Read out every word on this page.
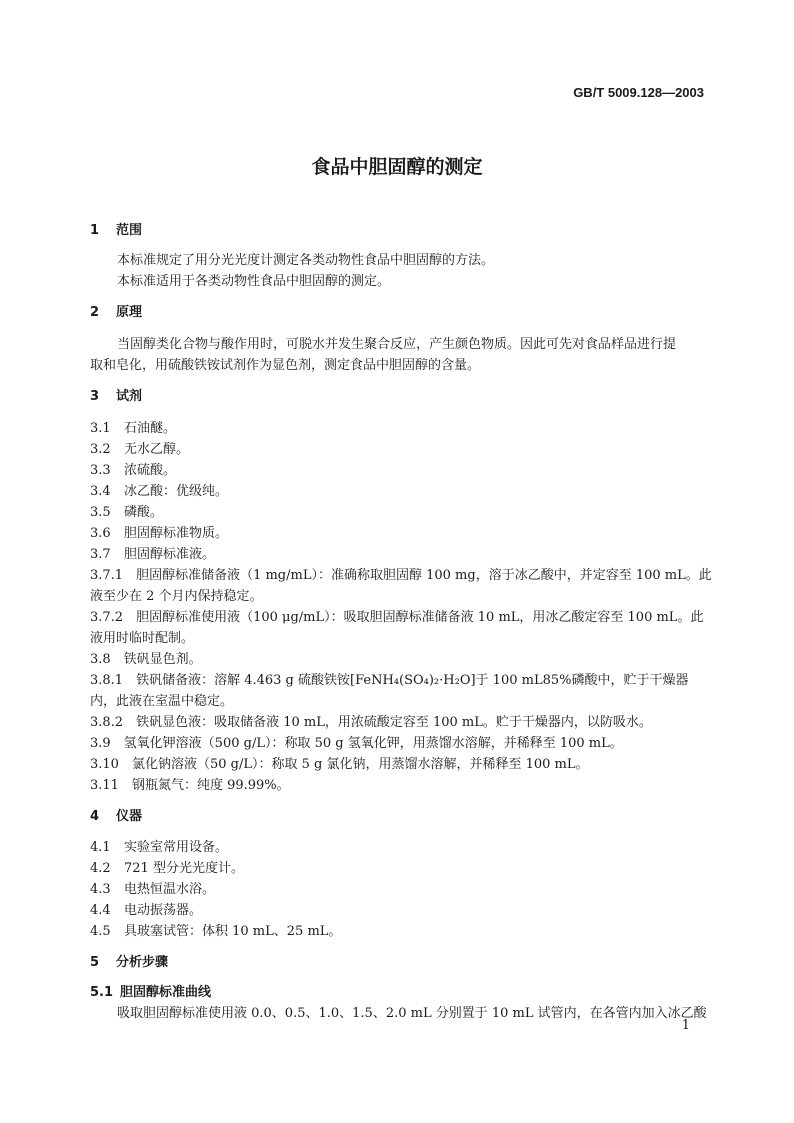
GB/T 5009.128—2003
食品中胆固醇的测定
1 范围
本标准规定了用分光光度计测定各类动物性食品中胆固醇的方法。
本标准适用于各类动物性食品中胆固醇的测定。
2 原理
当固醇类化合物与酸作用时，可脱水并发生聚合反应，产生颜色物质。因此可先对食品样品进行提
取和皂化，用硫酸铁铵试剂作为显色剂，测定食品中胆固醇的含量。
3 试剂
3.1 石油醚。
3.2 无水乙醇。
3.3 浓硫酸。
3.4 冰乙酸：优级纯。
3.5 磷酸。
3.6 胆固醇标准物质。
3.7 胆固醇标准液。
3.7.1　胆固醇标准储备液（1 mg/mL）：准确称取胆固醇 100 mg，溶于冰乙酸中，并定容至 100 mL。此
液至少在 2 个月内保持稳定。
3.7.2　胆固醇标准使用液（100 μg/mL）：吸取胆固醇标准储备液 10 mL，用冰乙酸定容至 100 mL。此
液用时临时配制。
3.8　铁矾显色剂。
3.8.1　铁矾储备液：溶解 4.463 g 硫酸铁铵[FeNH₄(SO₄)₂·H₂O]于 100 mL85%磷酸中，贮于干燥器
内，此液在室温中稳定。
3.8.2　铁矾显色液：吸取储备液 10 mL，用浓硫酸定容至 100 mL。贮于干燥器内，以防吸水。
3.9　氢氧化钾溶液（500 g/L）：称取 50 g 氢氧化钾，用蒸馏水溶解，并稀释至 100 mL。
3.10　氯化钠溶液（50 g/L）：称取 5 g 氯化钠，用蒸馏水溶解，并稀释至 100 mL。
3.11　钢瓶氮气：纯度 99.99%。
4 仪器
4.1 实验室常用设备。
4.2 721 型分光光度计。
4.3 电热恒温水浴。
4.4 电动振荡器。
4.5 具玻塞试管：体积 10 mL、25 mL。
5 分析步骤
5.1 胆固醇标准曲线
吸取胆固醇标准使用液 0.0、0.5、1.0、1.5、2.0 mL 分别置于 10 mL 试管内，在各管内加入冰乙酸
1
